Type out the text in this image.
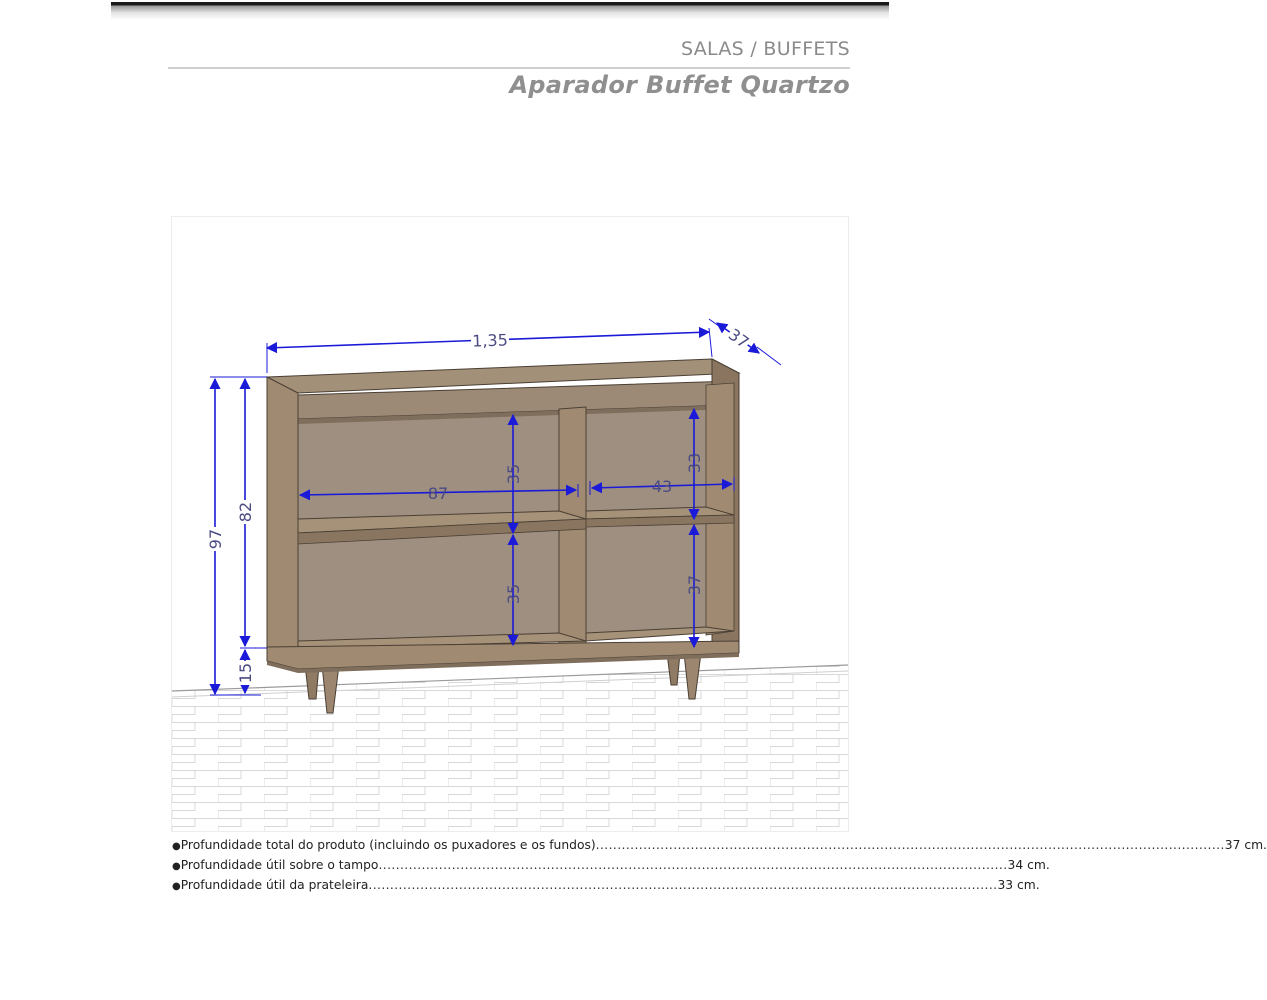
SALAS / BUFFETS
Aparador Buffet Quartzo
1,35	37
97
82
15
87	43
35
35
33
37
● Profundidade total do produto (incluindo os puxadores e os fundos) .................................................................................................................................................. 37 cm.
● Profundidade útil sobre o tampo .................................................................................................................................................. 34 cm.
● Profundidade útil da prateleira .................................................................................................................................................. 33 cm.
